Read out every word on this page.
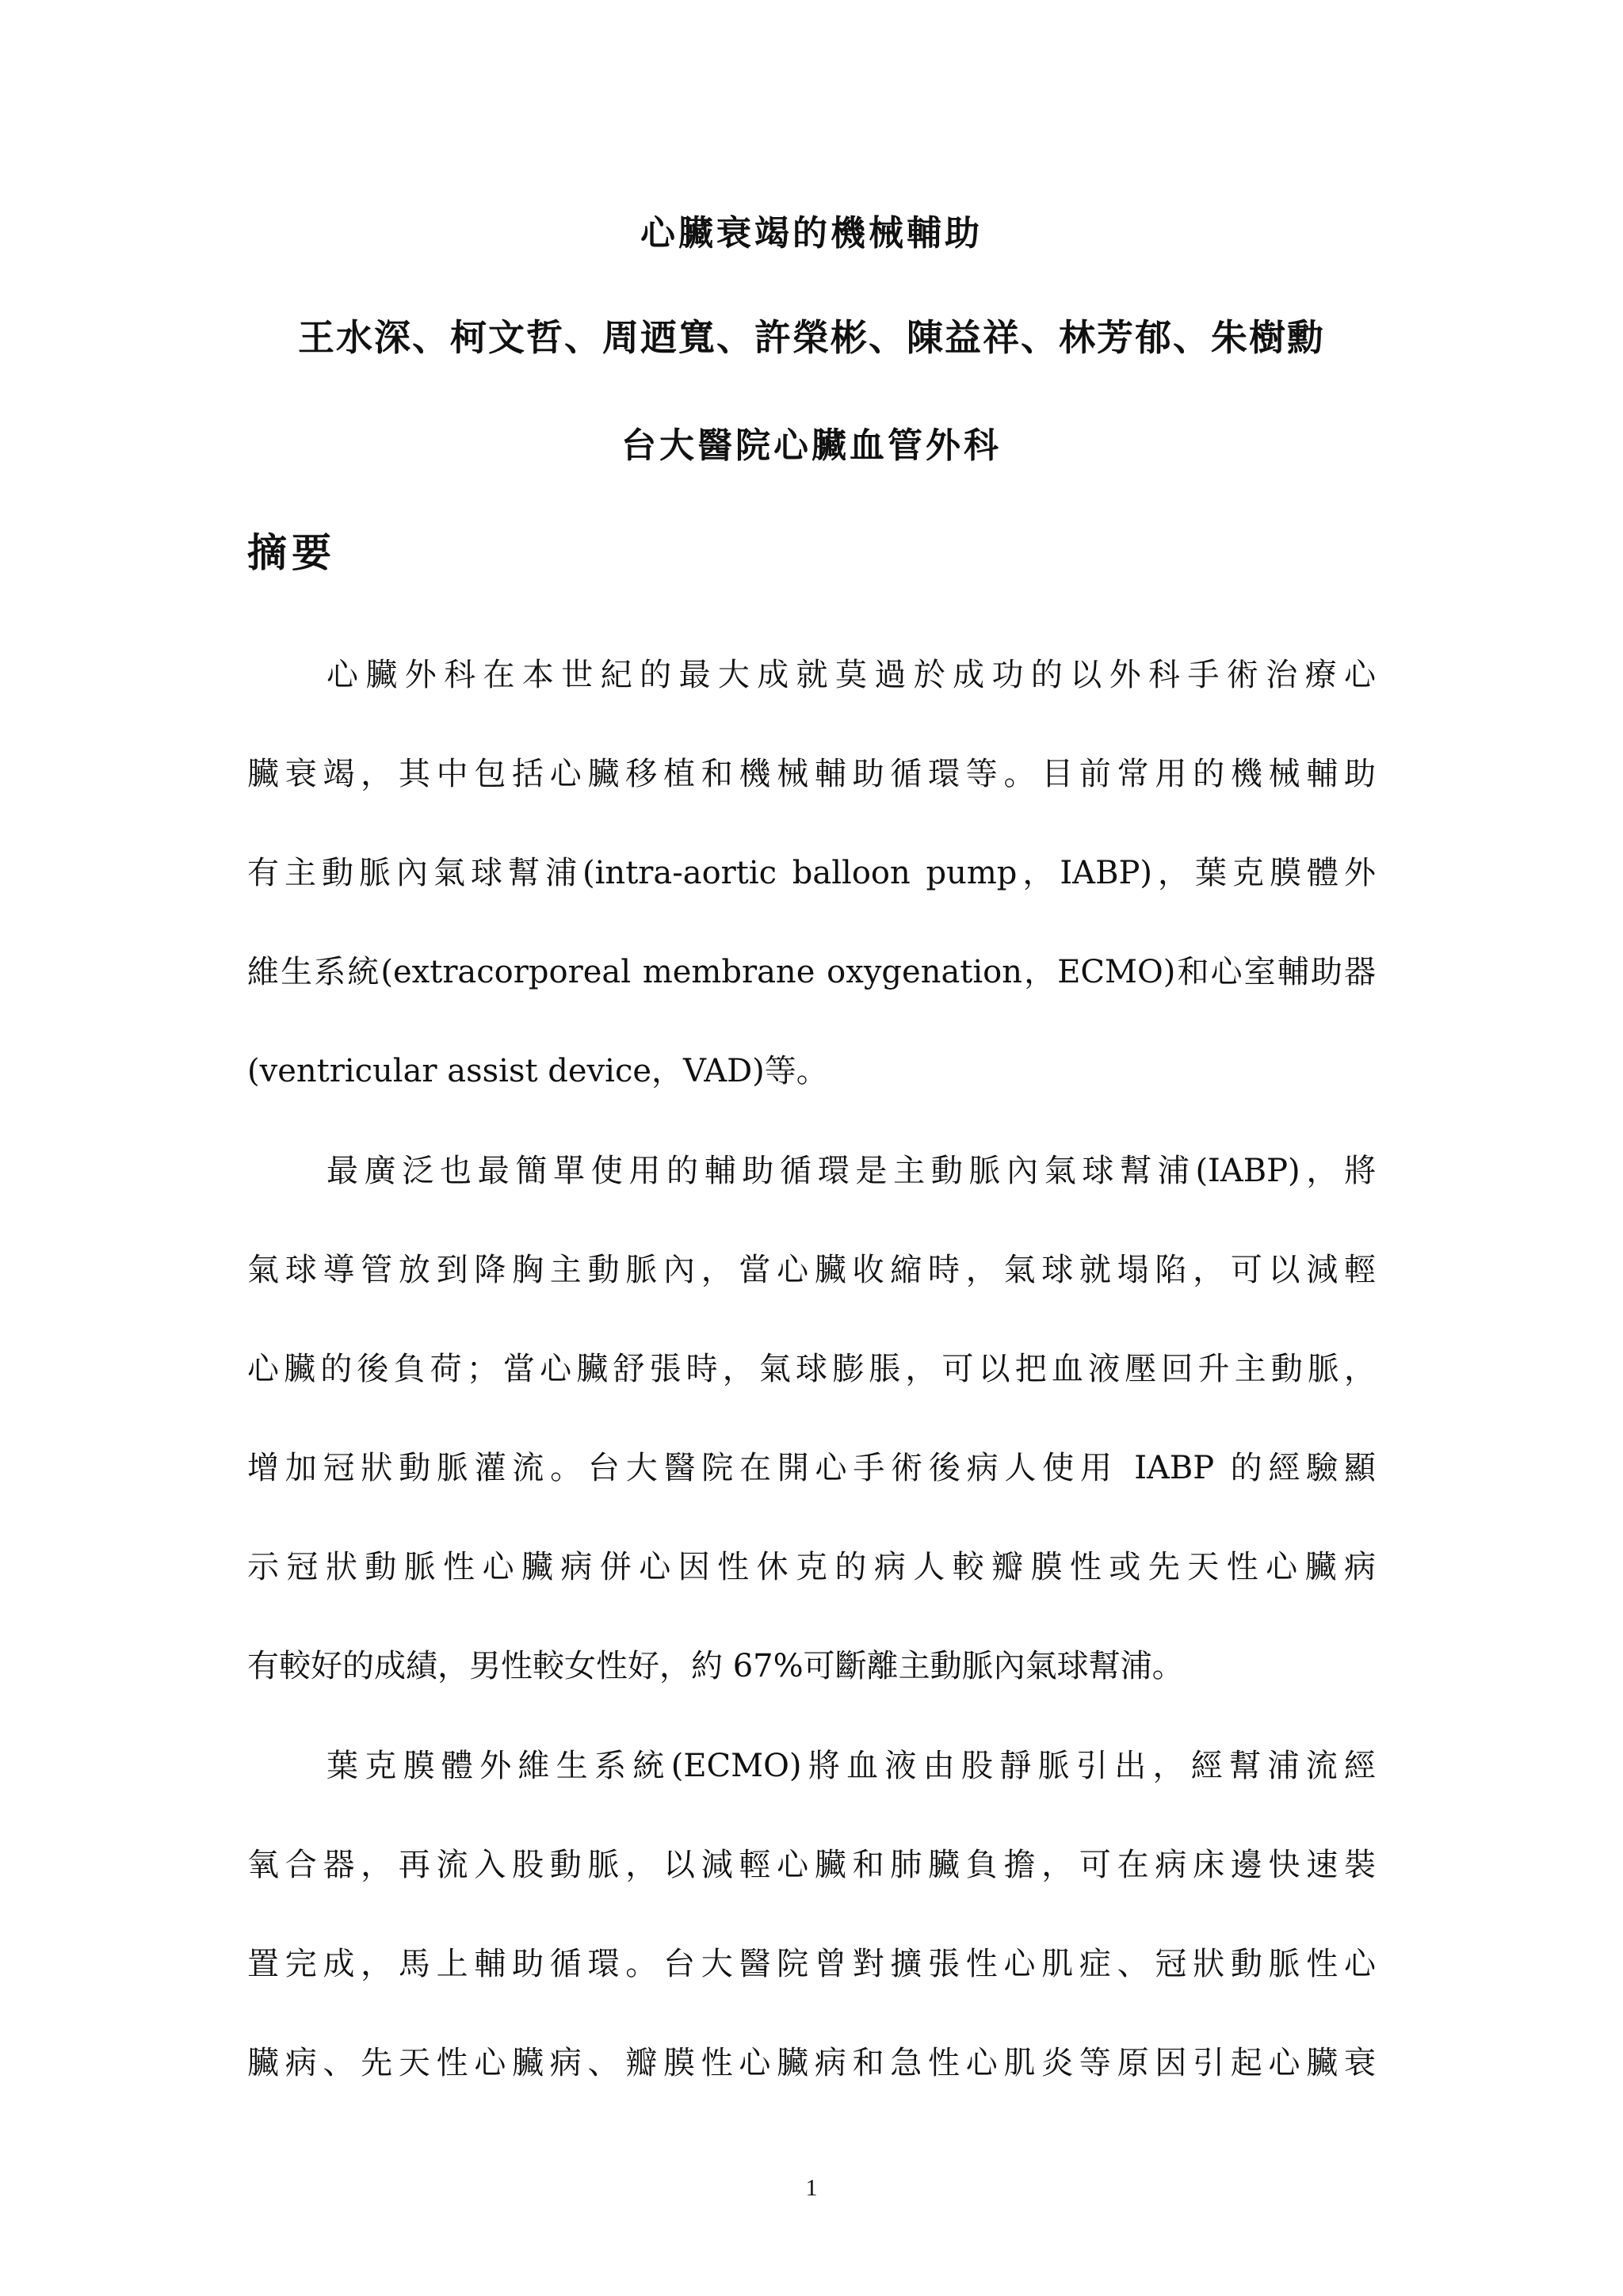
心臟衰竭的機械輔助
王水深、柯文哲、周迺寬、許榮彬、陳益祥、林芳郁、朱樹勳
台大醫院心臟血管外科
摘要
心臟外科在本世紀的最大成就莫過於成功的以外科手術治療心
臟衰竭，其中包括心臟移植和機械輔助循環等。目前常用的機械輔助
有主動脈內氣球幫浦(intra-aortic balloon pump，IABP)，葉克膜體外
維生系統(extracorporeal membrane oxygenation，ECMO)和心室輔助器
(ventricular assist device，VAD)等。
最廣泛也最簡單使用的輔助循環是主動脈內氣球幫浦(IABP)，將
氣球導管放到降胸主動脈內，當心臟收縮時，氣球就塌陷，可以減輕
心臟的後負荷；當心臟舒張時，氣球膨脹，可以把血液壓回升主動脈，
增加冠狀動脈灌流。台大醫院在開心手術後病人使用 IABP 的經驗顯
示冠狀動脈性心臟病併心因性休克的病人較瓣膜性或先天性心臟病
有較好的成績，男性較女性好，約 67%可斷離主動脈內氣球幫浦。
葉克膜體外維生系統(ECMO)將血液由股靜脈引出，經幫浦流經
氧合器，再流入股動脈，以減輕心臟和肺臟負擔，可在病床邊快速裝
置完成，馬上輔助循環。台大醫院曾對擴張性心肌症、冠狀動脈性心
臟病、先天性心臟病、瓣膜性心臟病和急性心肌炎等原因引起心臟衰
1
